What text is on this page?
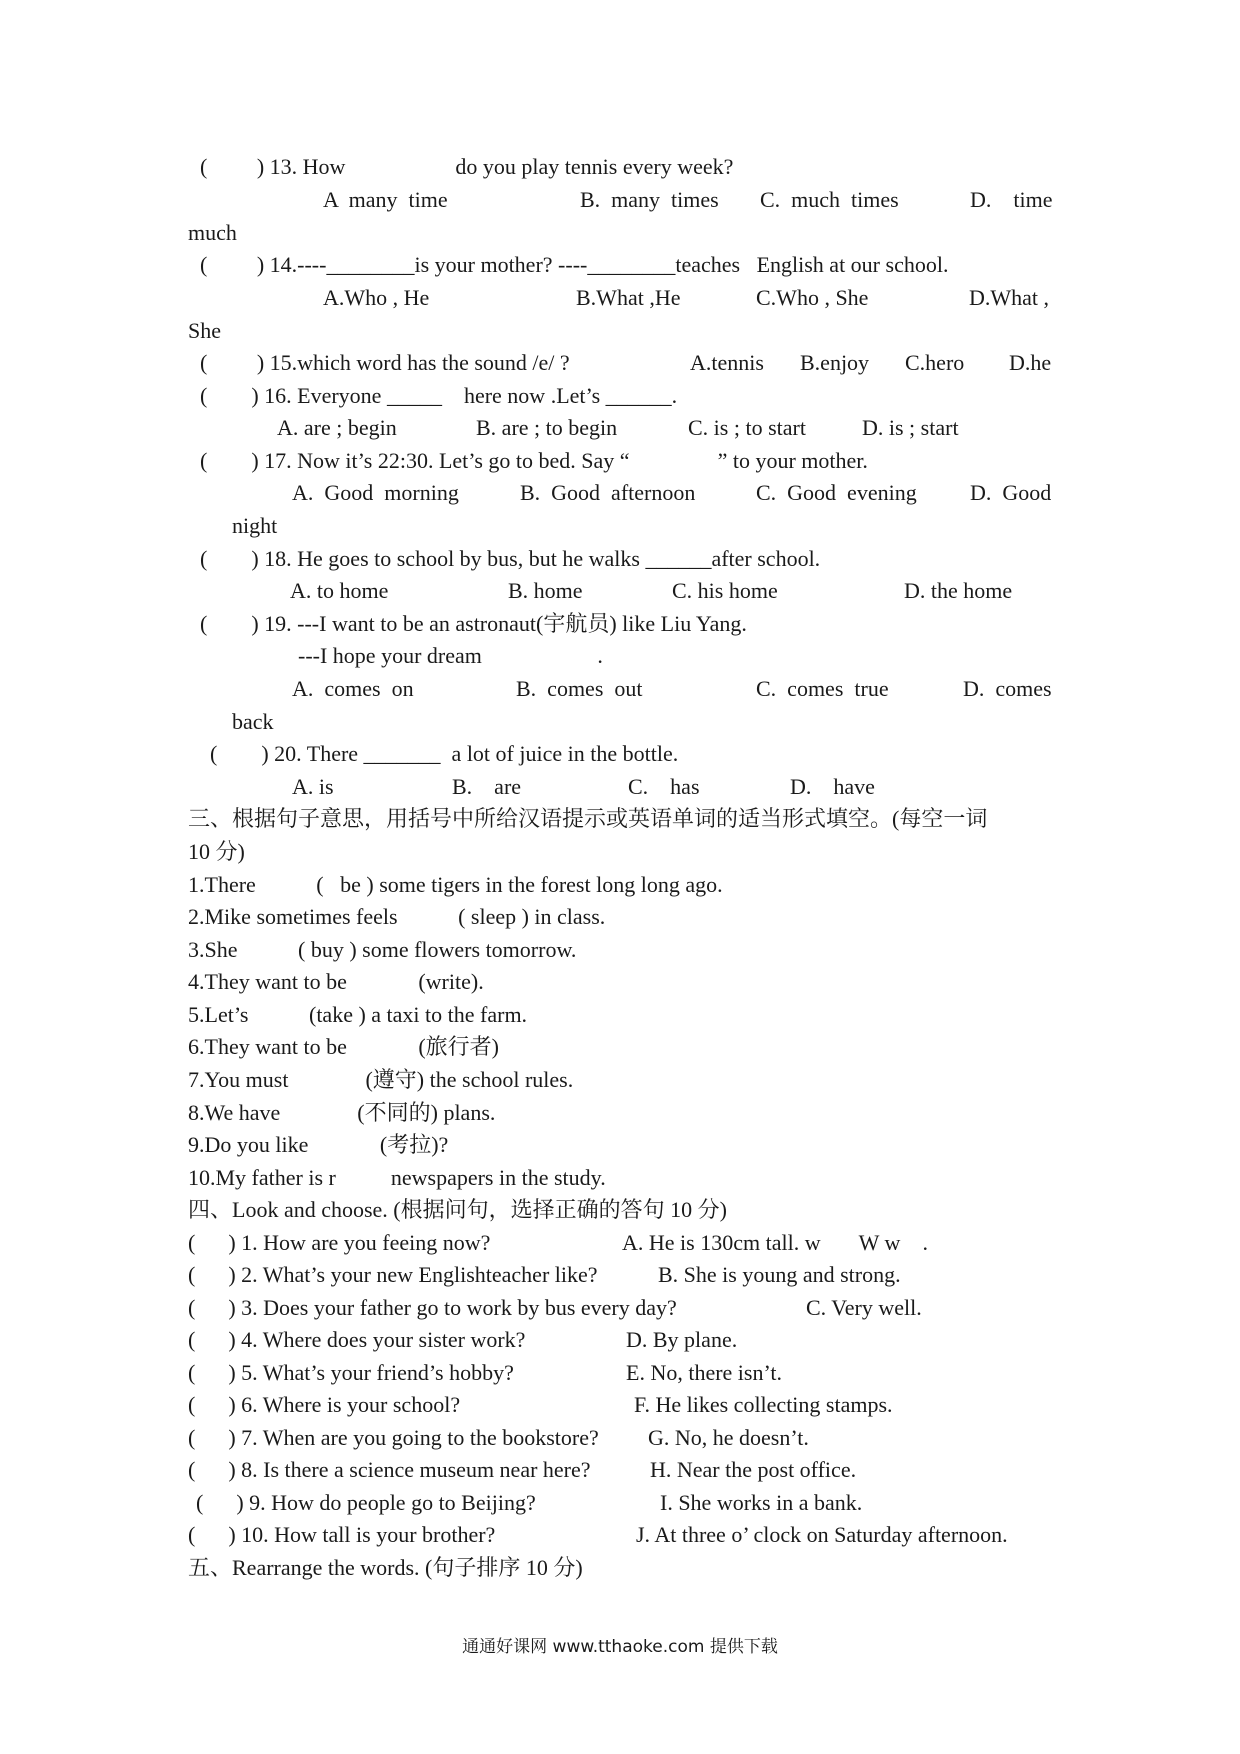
(　　 ) 13. How                    do you play tennis every week?
A  many  time	B.  many  times C.  much  times	D.    time
much
(　　 ) 14.----________is your mother? ----________teaches   English at our school.
A.Who , He	B.What ,He	C.Who , She	D.What ,
She
(　　 ) 15.which word has the sound /e/ ?	A.tennis B.enjoy C.hero D.he
(　　) 16. Everyone _____    here now .Let’s ______.
A. are ; begin	B. are ; to begin	C. is ; to start	D. is ; start
(　　) 17. Now it’s 22:30. Let’s go to bed. Say “                ” to your mother.
A.  Good  morning	B.  Good  afternoon	C.  Good  evening D.  Good
night
(　　) 18. He goes to school by bus, but he walks ______after school.
A. to home	B. home	C. his home	D. the home
(　　) 19. ---I want to be an astronaut(宇航员) like Liu Yang.
---I hope your dream                     .
A.  comes  on	B.  comes  out	C.  comes  true	D.  comes
back
(　　) 20. There _______  a lot of juice in the bottle.
A. is	B.    are	C.    has	D.    have
三、根据句子意思，用括号中所给汉语提示或英语单词的适当形式填空。(每空一词
10 分)
1.There           (   be ) some tigers in the forest long long ago.
2.Mike sometimes feels           ( sleep ) in class.
3.She           ( buy ) some flowers tomorrow.
4.They want to be             (write).
5.Let’s           (take ) a taxi to the farm.
6.They want to be             (旅行者)
7.You must              (遵守) the school rules.
8.We have              (不同的) plans.
9.Do you like             (考拉)?
10.My father is r          newspapers in the study.
四、Look and choose. (根据问句，选择正确的答句 10 分)
(      ) 1. How are you feeing now?	A. He is 130cm tall. w       W w    .
(      ) 2. What’s your new Englishteacher like?	B. She is young and strong.
(      ) 3. Does your father go to work by bus every day?	C. Very well.
(      ) 4. Where does your sister work?	D. By plane.
(      ) 5. What’s your friend’s hobby?	E. No, there isn’t.
(      ) 6. Where is your school?	F. He likes collecting stamps.
(      ) 7. When are you going to the bookstore? G. No, he doesn’t.
(      ) 8. Is there a science museum near here?	H. Near the post office.
(      ) 9. How do people go to Beijing?	I. She works in a bank.
(      ) 10. How tall is your brother?	J. At three o’ clock on Saturday afternoon.
五、Rearrange the words. (句子排序 10 分)
通通好课网 www.tthaoke.com 提供下载
